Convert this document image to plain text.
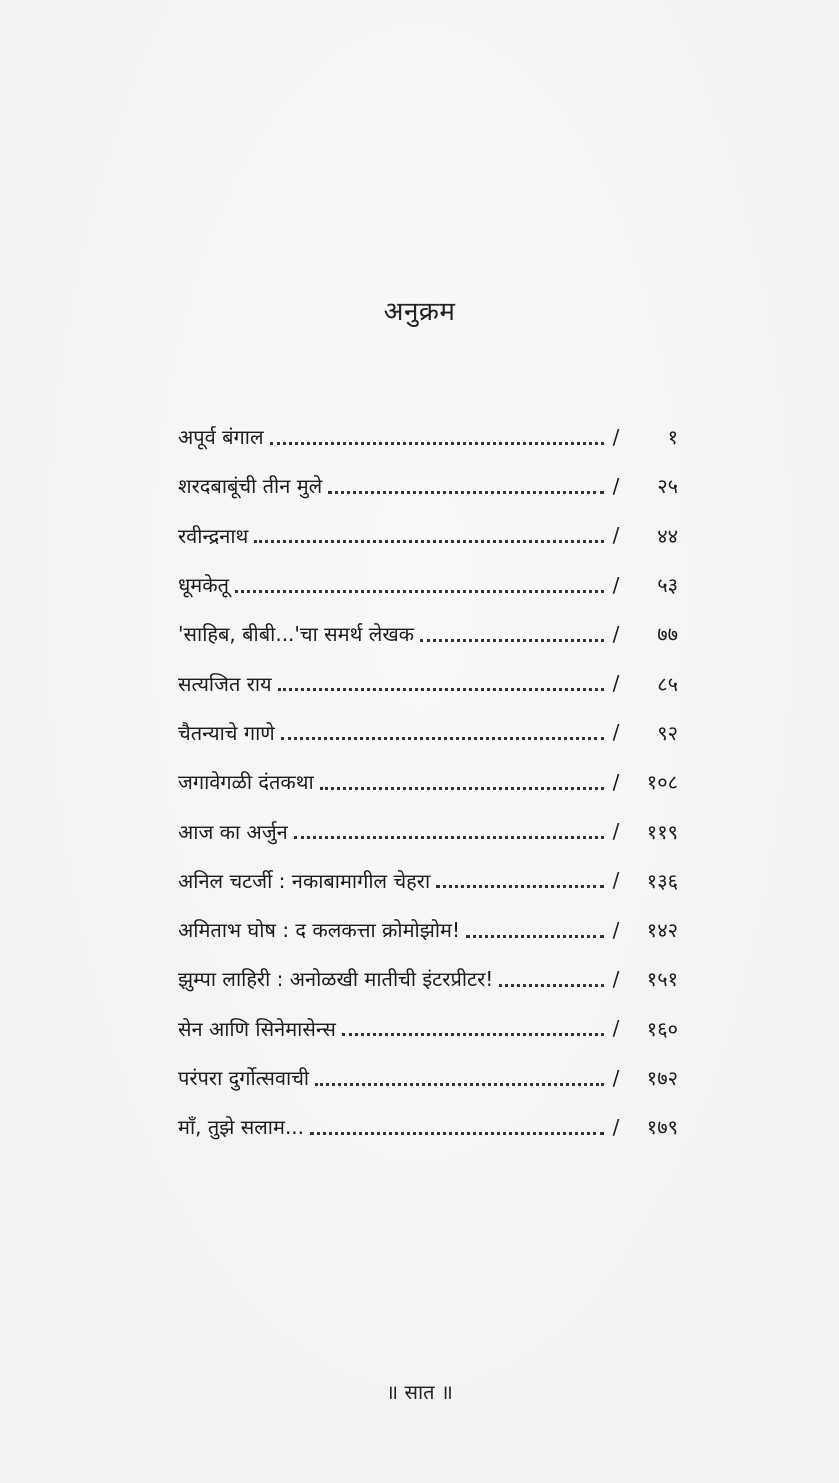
अनुक्रम
अपूर्व बंगाल	/	१
शरदबाबूंची तीन मुले	/	२५
रवीन्द्रनाथ	/	४४
धूमकेतू	/	५३
'साहिब, बीबी...'चा समर्थ लेखक	/	७७
सत्यजित राय	/	८५
चैतन्याचे गाणे	/	९२
जगावेगळी दंतकथा	/	१०८
आज का अर्जुन	/	११९
अनिल चटर्जी : नकाबामागील चेहरा	/	१३६
अमिताभ घोष : द कलकत्ता क्रोमोझोम!	/	१४२
झुम्पा लाहिरी : अनोळखी मातीची इंटरप्रीटर!	/	१५१
सेन आणि सिनेमासेन्स	/	१६०
परंपरा दुर्गोत्सवाची	/	१७२
माँ, तुझे सलाम...	/	१७९
॥ सात ॥
